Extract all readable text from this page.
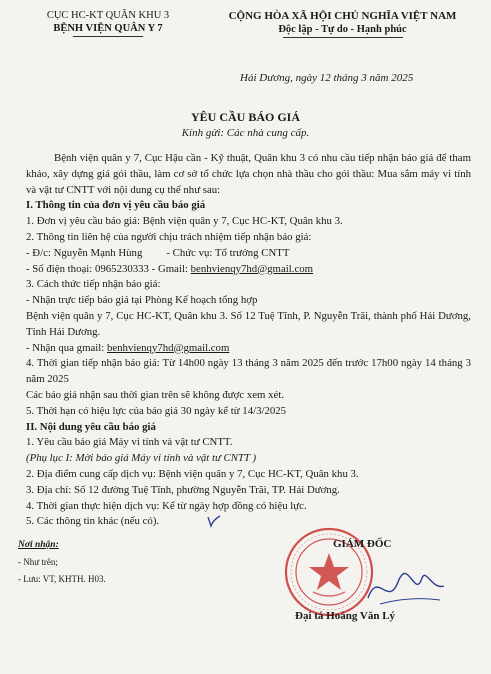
CỤC HC-KT QUÂN KHU 3
BỆNH VIỆN QUÂN Y 7
CỘNG HÒA XÃ HỘI CHỦ NGHĨA VIỆT NAM
Độc lập - Tự do - Hạnh phúc
Hải Dương, ngày 12 tháng 3 năm 2025
YÊU CẦU BÁO GIÁ
Kính gửi: Các nhà cung cấp.

Bệnh viện quân y 7, Cục Hậu cần - Kỹ thuật, Quân khu 3 có nhu cầu tiếp nhận báo giá để tham khảo, xây dựng giá gói thầu, làm cơ sở tổ chức lựa chọn nhà thầu cho gói thầu: Mua sắm máy vi tính và vật tư CNTT với nội dung cụ thể như sau:

I. Thông tin của đơn vị yêu cầu báo giá

1. Đơn vị yêu cầu báo giá: Bệnh viện quân y 7, Cục HC-KT, Quân khu 3.

2. Thông tin liên hệ của người chịu trách nhiệm tiếp nhận báo giá:

- Đ/c: Nguyễn Mạnh Hùng - Chức vụ: Tổ trưởng CNTT

- Số điện thoại: 0965230333 - Gmail: benhvienqy7hd@gmail.com

3. Cách thức tiếp nhận báo giá:

- Nhận trực tiếp báo giá tại Phòng Kế hoạch tổng hợp

Bệnh viện quân y 7, Cục HC-KT, Quân khu 3. Số 12 Tuệ Tĩnh, P. Nguyễn Trãi, thành phố Hải Dương, Tỉnh Hải Dương.

- Nhận qua gmail: benhvienqy7hd@gmail.com

4. Thời gian tiếp nhận báo giá: Từ 14h00 ngày 13 tháng 3 năm 2025 đến trước 17h00 ngày 14 tháng 3 năm 2025

Các báo giá nhận sau thời gian trên sẽ không được xem xét.

5. Thời hạn có hiệu lực của báo giá 30 ngày kể từ 14/3/2025

II. Nội dung yêu cầu báo giá

1. Yêu cầu báo giá Máy vi tính và vật tư CNTT.

(Phụ lục I: Mời báo giá Máy vi tính và vật tư CNTT )

2. Địa điểm cung cấp dịch vụ: Bệnh viện quân y 7, Cục HC-KT, Quân khu 3.

3. Địa chỉ: Số 12 đường Tuệ Tĩnh, phường Nguyễn Trãi, TP. Hải Dương.

4. Thời gian thực hiện dịch vụ: Kể từ ngày hợp đồng có hiệu lực.

5. Các thông tin khác (nếu có).

Nơi nhận:
- Như trên;
- Lưu: VT, KHTH. H03.
GIÁM ĐỐC
Đại tá Hoàng Văn Lý
